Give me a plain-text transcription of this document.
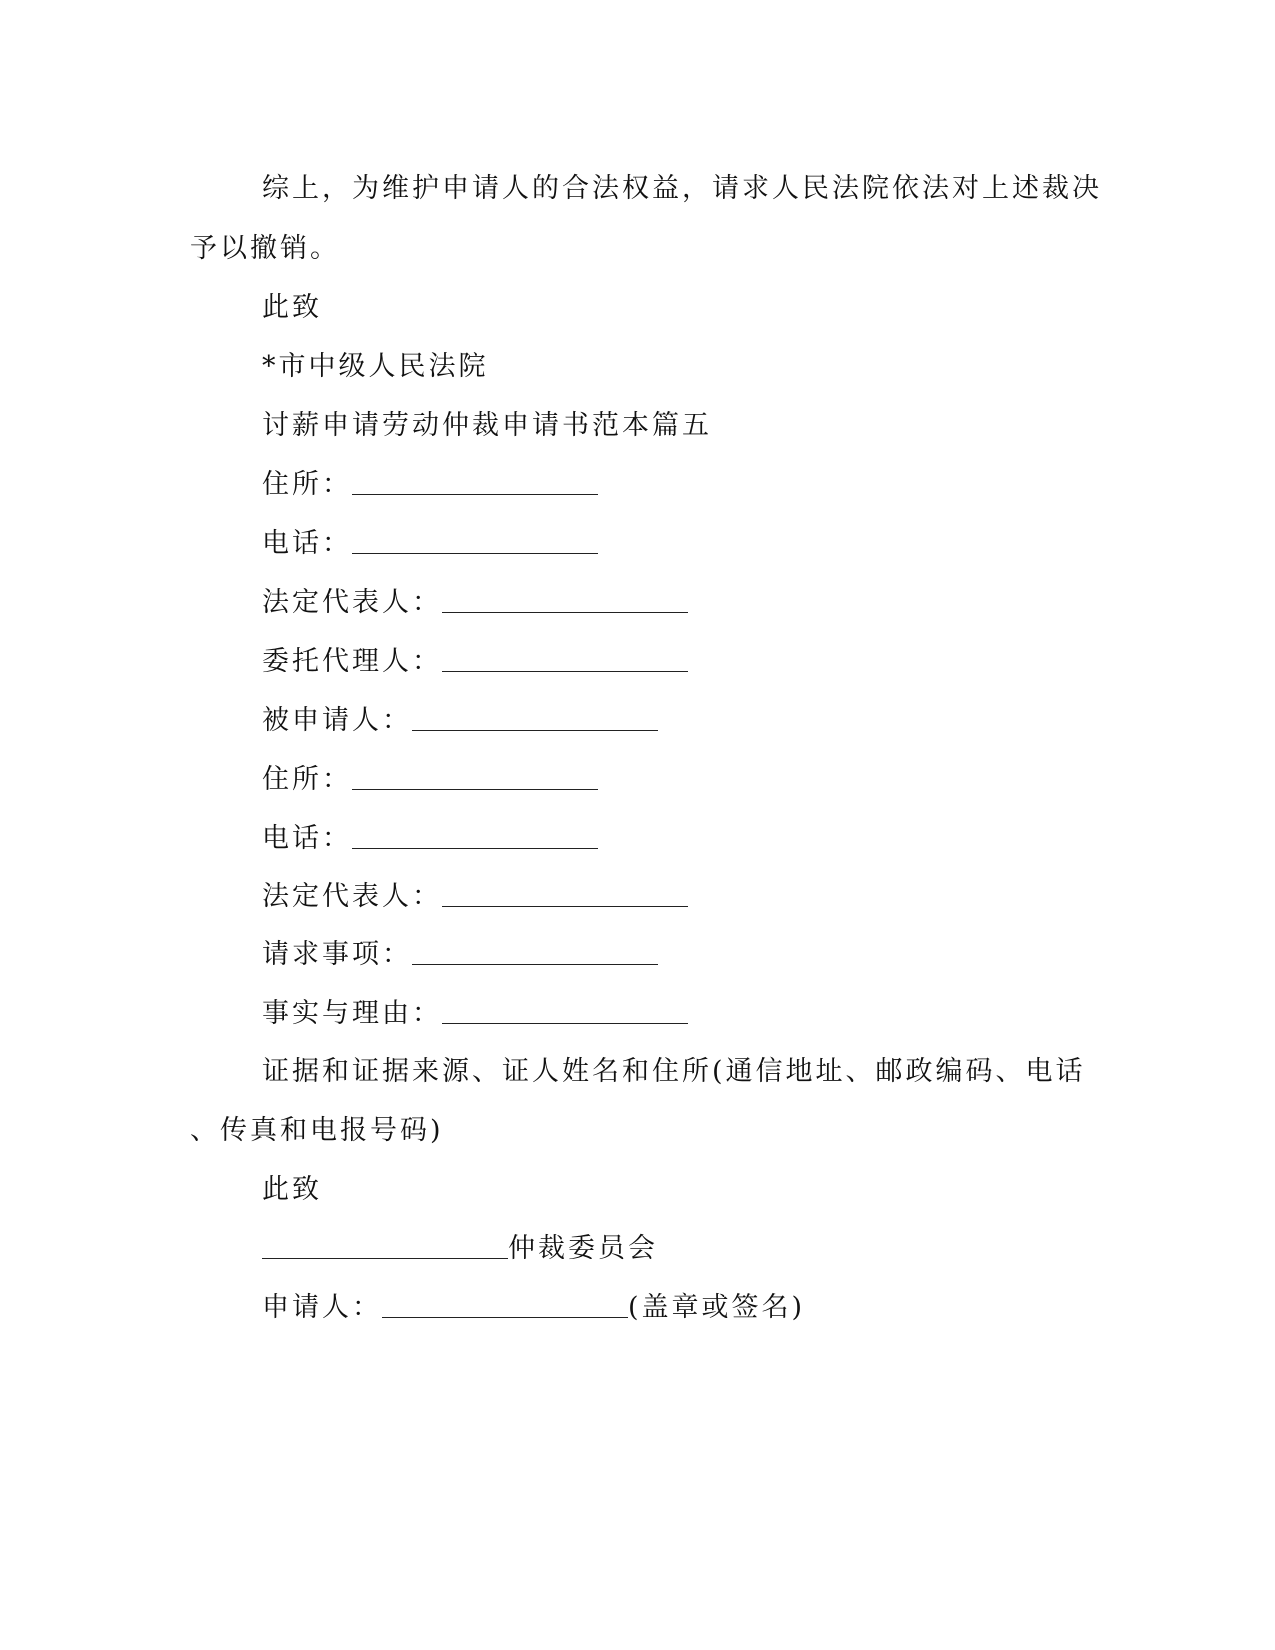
综上，为维护申请人的合法权益，请求人民法院依法对上述裁决
予以撤销。
此致
*市中级人民法院
讨薪申请劳动仲裁申请书范本篇五
住所：
电话：
法定代表人：
委托代理人：
被申请人：
住所：
电话：
法定代表人：
请求事项：
事实与理由：
证据和证据来源、证人姓名和住所(通信地址、邮政编码、电话
、传真和电报号码)
此致
仲裁委员会
申请人：	(盖章或签名)
